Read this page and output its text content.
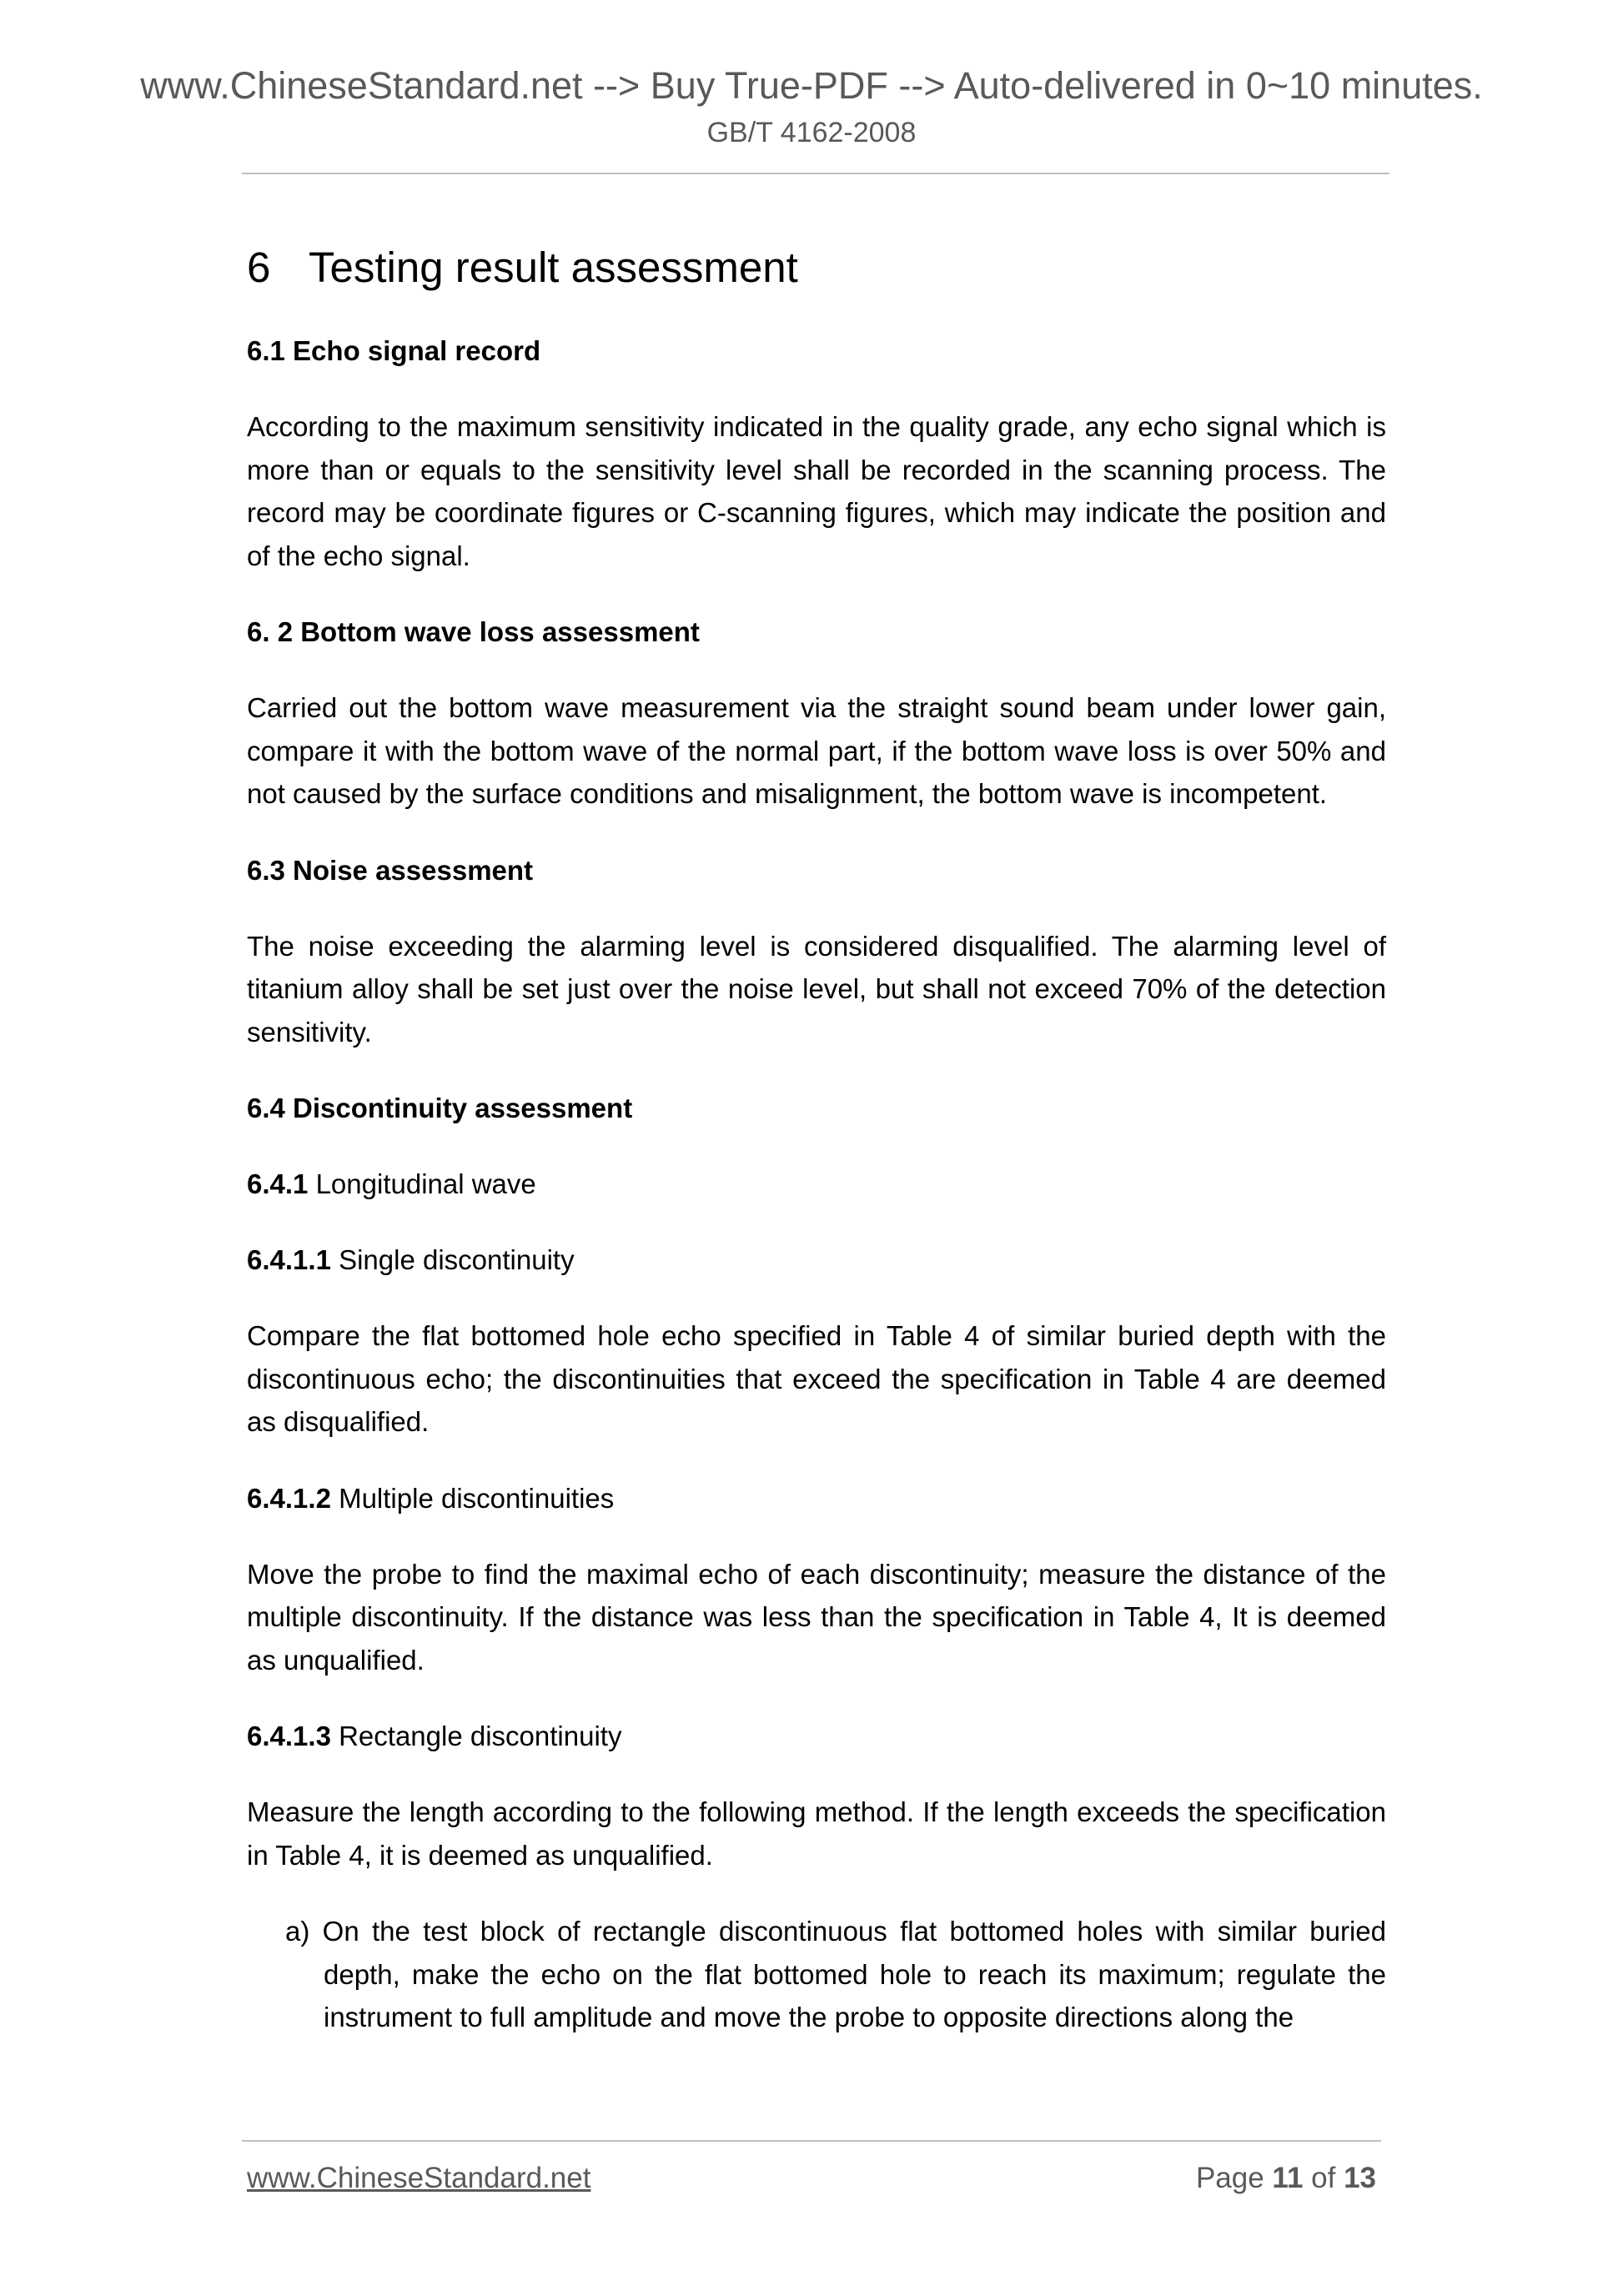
www.ChineseStandard.net --> Buy True-PDF --> Auto-delivered in 0~10 minutes.
GB/T 4162-2008
6 Testing result assessment
6.1 Echo signal record

According to the maximum sensitivity indicated in the quality grade, any echo signal which is more than or equals to the sensitivity level shall be recorded in the scanning process. The record may be coordinate figures or C-scanning figures, which may indicate the position and of the echo signal.

6. 2 Bottom wave loss assessment

Carried out the bottom wave measurement via the straight sound beam under lower gain, compare it with the bottom wave of the normal part, if the bottom wave loss is over 50% and not caused by the surface conditions and misalignment, the bottom wave is incompetent.

6.3 Noise assessment

The noise exceeding the alarming level is considered disqualified. The alarming level of titanium alloy shall be set just over the noise level, but shall not exceed 70% of the detection sensitivity.

6.4 Discontinuity assessment
6.4.1 Longitudinal wave
6.4.1.1 Single discontinuity

Compare the flat bottomed hole echo specified in Table 4 of similar buried depth with the discontinuous echo; the discontinuities that exceed the specification in Table 4 are deemed as disqualified.

6.4.1.2 Multiple discontinuities

Move the probe to find the maximal echo of each discontinuity; measure the distance of the multiple discontinuity. If the distance was less than the specification in Table 4, It is deemed as unqualified.

6.4.1.3 Rectangle discontinuity

Measure the length according to the following method. If the length exceeds the specification in Table 4, it is deemed as unqualified.

a) On the test block of rectangle discontinuous flat bottomed holes with similar buried depth, make the echo on the flat bottomed hole to reach its maximum; regulate the instrument to full amplitude and move the probe to opposite directions along the

www.ChineseStandard.net	Page 11 of 13
